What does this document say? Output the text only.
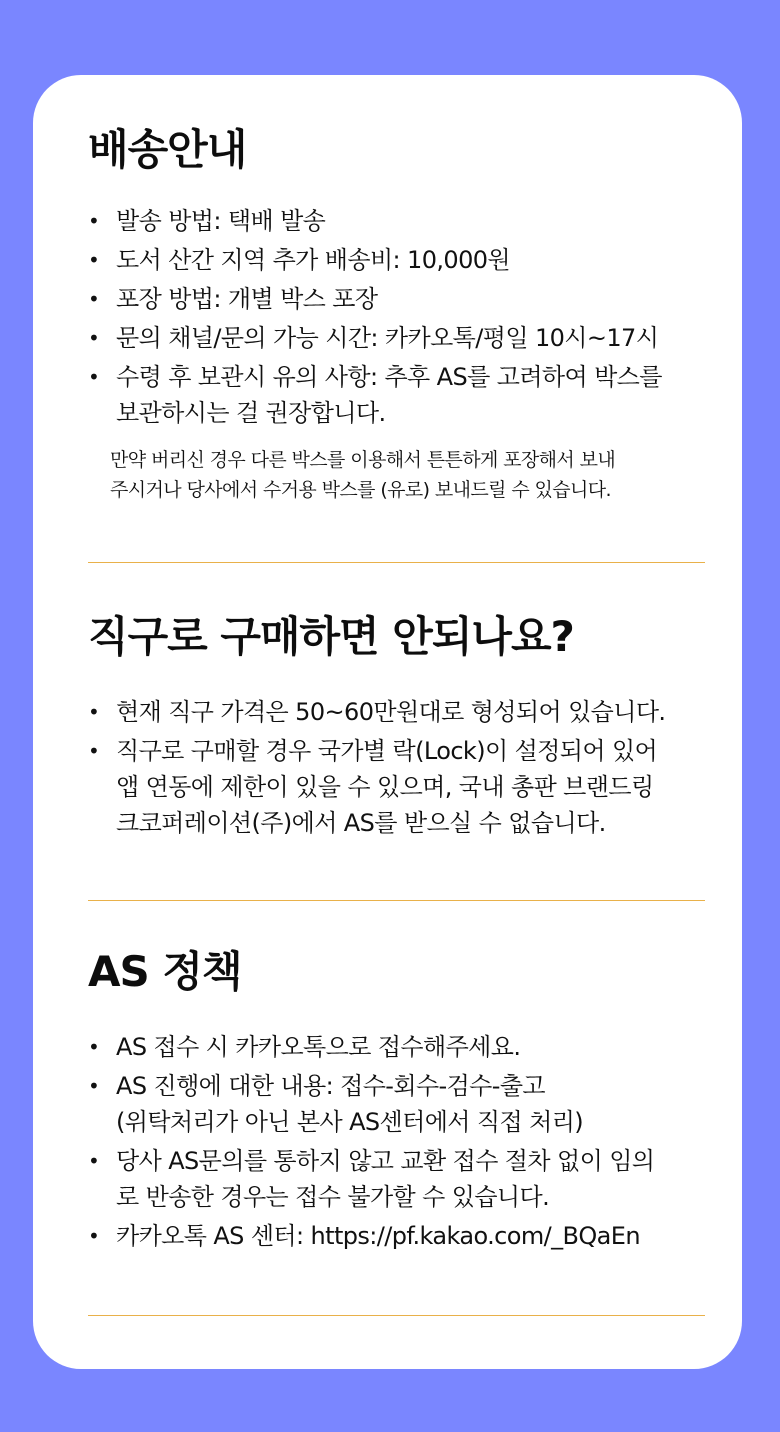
배송안내
• 발송 방법: 택배 발송
• 도서 산간 지역 추가 배송비: 10,000원
• 포장 방법: 개별 박스 포장
• 문의 채널/문의 가능 시간: 카카오톡/평일 10시~17시
• 수령 후 보관시 유의 사항: 추후 AS를 고려하여 박스를
보관하시는 걸 권장합니다.
만약 버리신 경우 다른 박스를 이용해서 튼튼하게 포장해서 보내
주시거나 당사에서 수거용 박스를 (유로) 보내드릴 수 있습니다.
직구로 구매하면 안되나요?
• 현재 직구 가격은 50~60만원대로 형성되어 있습니다.
• 직구로 구매할 경우 국가별 락(Lock)이 설정되어 있어
앱 연동에 제한이 있을 수 있으며, 국내 총판 브랜드링
크코퍼레이션(주)에서 AS를 받으실 수 없습니다.
AS 정책
• AS 접수 시 카카오톡으로 접수해주세요.
• AS 진행에 대한 내용: 접수-회수-검수-출고
(위탁처리가 아닌 본사 AS센터에서 직접 처리)
• 당사 AS문의를 통하지 않고 교환 접수 절차 없이 임의
로 반송한 경우는 접수 불가할 수 있습니다.
• 카카오톡 AS 센터: https://pf.kakao.com/_BQaEn
